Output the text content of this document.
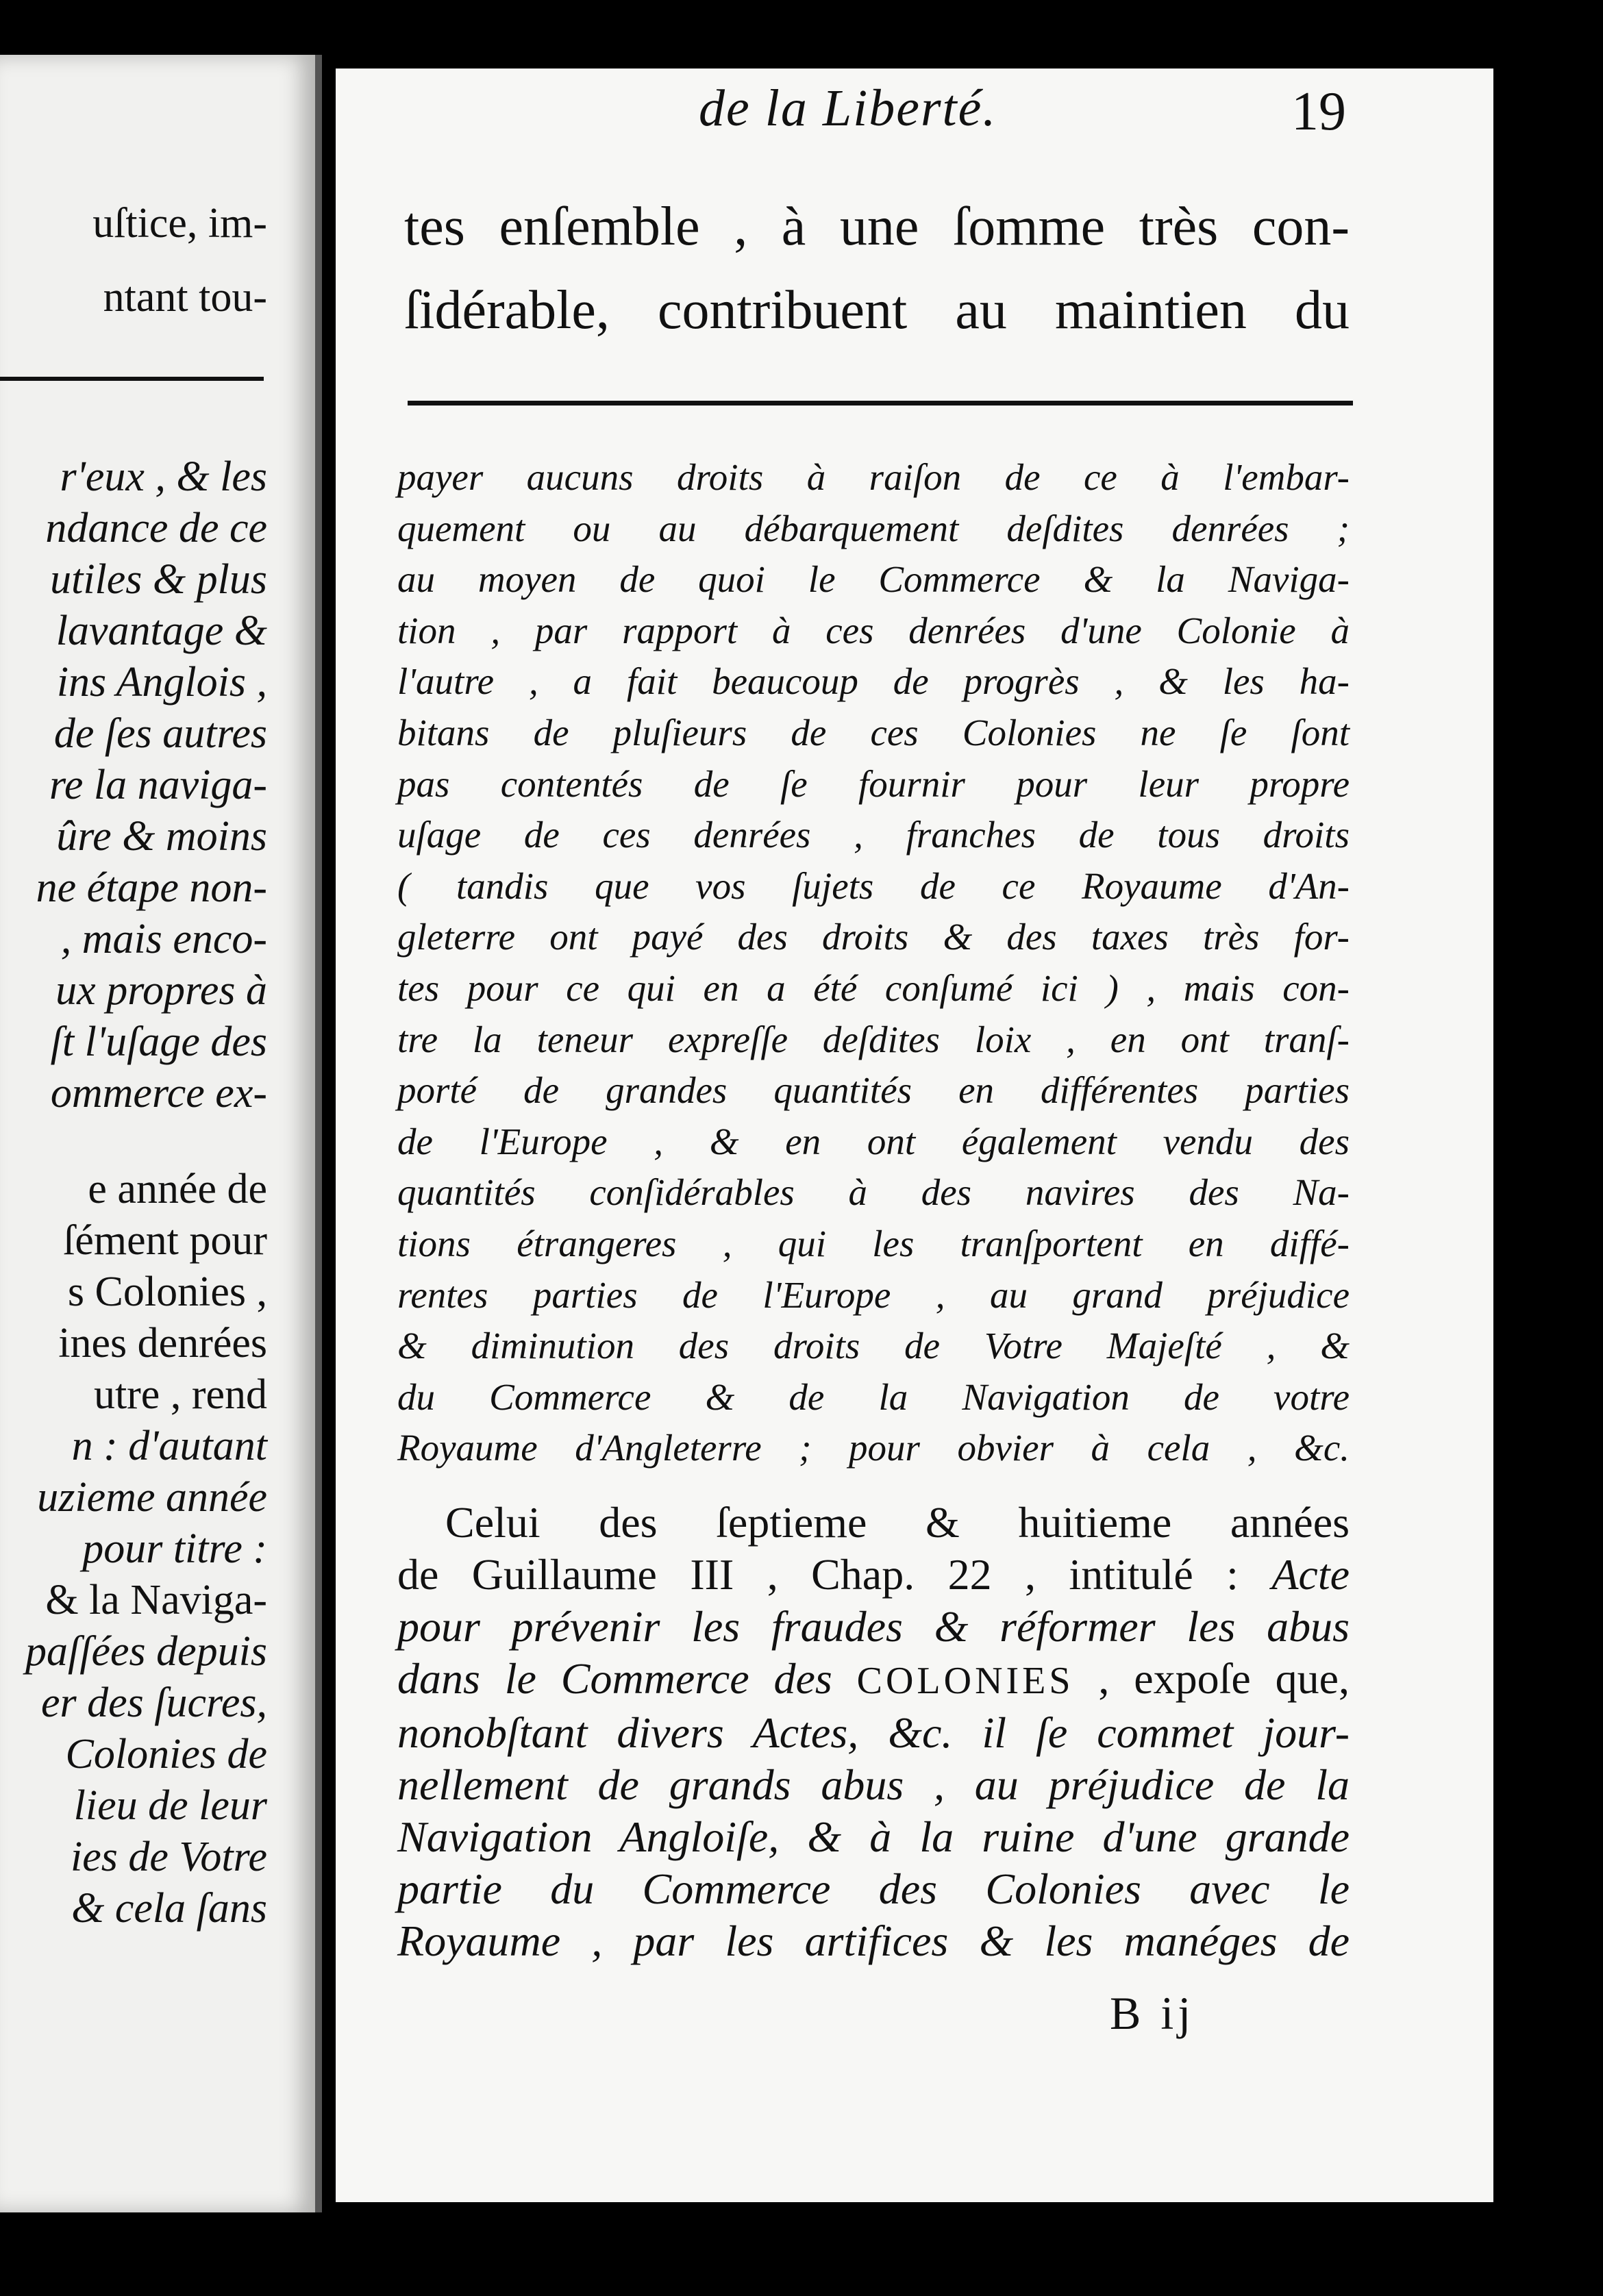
uſtice, im-
ntant tou-
r'eux , & les
ndance de ce
utiles & plus
lavantage &
ins Anglois ,
de ſes autres
re la naviga-
ûre & moins
ne étape non-
, mais enco-
ux propres à
ſt l'uſage des
ommerce ex-
e année de
ſément pour
s Colonies ,
ines denrées
utre , rend
n : d'autant
uzieme année
pour titre :
& la Naviga-
paſſées depuis
er des ſucres,
Colonies de
lieu de leur
ies de Votre
& cela ſans
de la Liberté.	19
tes enſemble , à une ſomme très con-
ſidérable, contribuent au maintien du
payer aucuns droits à raiſon de ce à l'embar-
quement ou au débarquement deſdites denrées ;
au moyen de quoi le Commerce & la Naviga-
tion , par rapport à ces denrées d'une Colonie à
l'autre , a fait beaucoup de progrès , & les ha-
bitans de pluſieurs de ces Colonies ne ſe ſont
pas contentés de ſe fournir pour leur propre
uſage de ces denrées , franches de tous droits
( tandis que vos ſujets de ce Royaume d'An-
gleterre ont payé des droits & des taxes très for-
tes pour ce qui en a été conſumé ici ) , mais con-
tre la teneur expreſſe deſdites loix , en ont tranſ-
porté de grandes quantités en différentes parties
de l'Europe , & en ont également vendu des
quantités conſidérables à des navires des Na-
tions étrangeres , qui les tranſportent en diffé-
rentes parties de l'Europe , au grand préjudice
& diminution des droits de Votre Majeſté , &
du Commerce & de la Navigation de votre
Royaume d'Angleterre ; pour obvier à cela , &c.
Celui des ſeptieme & huitieme années
de Guillaume III , Chap. 22 , intitulé : Acte
pour prévenir les fraudes & réformer les abus
dans le Commerce des COLONIES , expoſe que,
nonobſtant divers Actes, &c. il ſe commet jour-
nellement de grands abus , au préjudice de la
Navigation Angloiſe, & à la ruine d'une grande
partie du Commerce des Colonies avec le
Royaume , par les artifices & les manéges de
B ij
